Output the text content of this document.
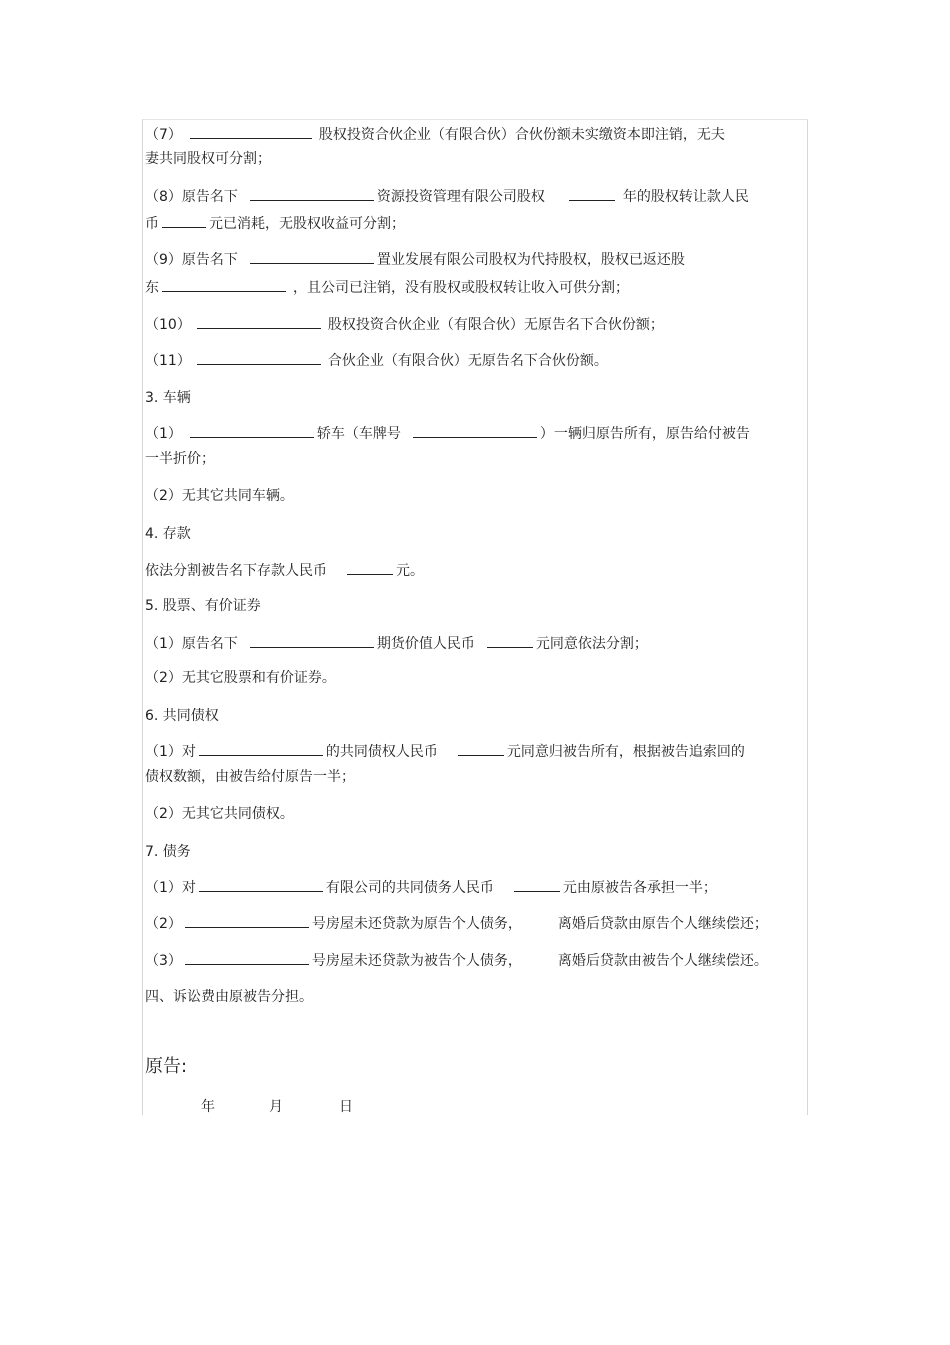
（7）	股权投资合伙企业（有限合伙）合伙份额未实缴资本即注销，无夫
妻共同股权可分割；
（8）原告名下	资源投资管理有限公司股权	年的股权转让款人民
币	元已消耗，无股权收益可分割；
（9）原告名下	置业发展有限公司股权为代持股权，股权已返还股
东	，且公司已注销，没有股权或股权转让收入可供分割；
（10）	股权投资合伙企业（有限合伙）无原告名下合伙份额；
（11）	合伙企业（有限合伙）无原告名下合伙份额。
3. 车辆
（1）	轿车（车牌号	）一辆归原告所有，原告给付被告
一半折价；
（2）无其它共同车辆。
4. 存款
依法分割被告名下存款人民币	元。
5. 股票、有价证券
（1）原告名下	期货价值人民币	元同意依法分割；
（2）无其它股票和有价证券。
6. 共同债权
（1）对	的共同债权人民币	元同意归被告所有，根据被告追索回的
债权数额，由被告给付原告一半；
（2）无其它共同债权。
7. 债务
（1）对	有限公司的共同债务人民币	元由原被告各承担一半；
（2）	号房屋未还贷款为原告个人债务，	离婚后贷款由原告个人继续偿还；
（3）	号房屋未还贷款为被告个人债务，	离婚后贷款由被告个人继续偿还。
四、诉讼费由原被告分担。
原告:
年	月	日
